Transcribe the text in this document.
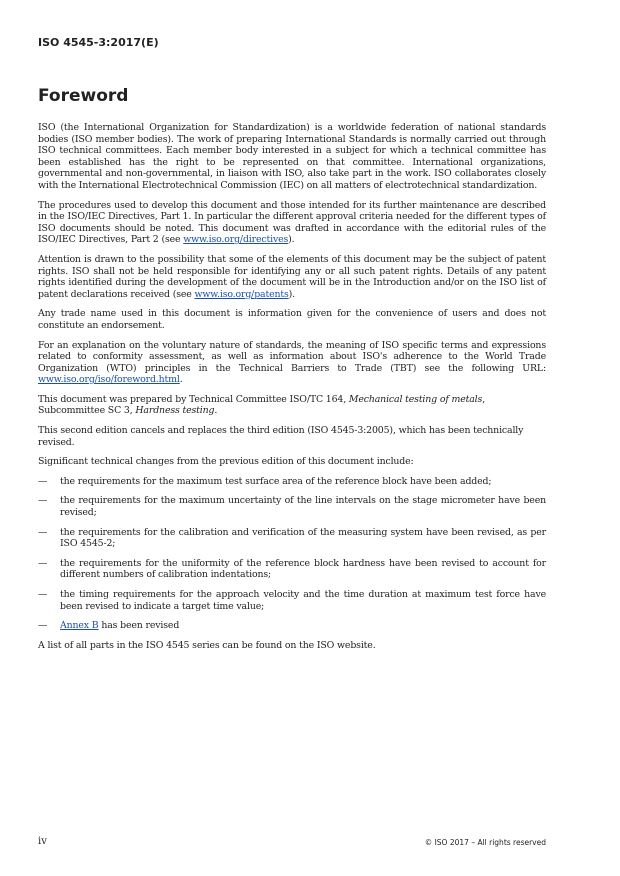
ISO 4545-3:2017(E)
Foreword

ISO (the International Organization for Standardization) is a worldwide federation of national standards bodies (ISO member bodies). The work of preparing International Standards is normally carried out through ISO technical committees. Each member body interested in a subject for which a technical committee has been established has the right to be represented on that committee. International organizations, governmental and non-governmental, in liaison with ISO, also take part in the work. ISO collaborates closely with the International Electrotechnical Commission (IEC) on all matters of electrotechnical standardization.

The procedures used to develop this document and those intended for its further maintenance are described in the ISO/IEC Directives, Part 1. In particular the different approval criteria needed for the different types of ISO documents should be noted. This document was drafted in accordance with the editorial rules of the ISO/IEC Directives, Part 2 (see www.iso.org/directives).

Attention is drawn to the possibility that some of the elements of this document may be the subject of patent rights. ISO shall not be held responsible for identifying any or all such patent rights. Details of any patent rights identified during the development of the document will be in the Introduction and/or on the ISO list of patent declarations received (see www.iso.org/patents).

Any trade name used in this document is information given for the convenience of users and does not constitute an endorsement.

For an explanation on the voluntary nature of standards, the meaning of ISO specific terms and expressions related to conformity assessment, as well as information about ISO's adherence to the World Trade Organization (WTO) principles in the Technical Barriers to Trade (TBT) see the following URL: www.iso.org/iso/foreword.html.

This document was prepared by Technical Committee ISO/TC 164, Mechanical testing of metals, Subcommittee SC 3, Hardness testing.

This second edition cancels and replaces the third edition (ISO 4545-3:2005), which has been technically revised.

Significant technical changes from the previous edition of this document include:

—	the requirements for the maximum test surface area of the reference block have been added;
—	the requirements for the maximum uncertainty of the line intervals on the stage micrometer have been revised;
—	the requirements for the calibration and verification of the measuring system have been revised, as per ISO 4545-2;
—	the requirements for the uniformity of the reference block hardness have been revised to account for different numbers of calibration indentations;
—	the timing requirements for the approach velocity and the time duration at maximum test force have been revised to indicate a target time value;
—	Annex B has been revised

A list of all parts in the ISO 4545 series can be found on the ISO website.

iv	© ISO 2017 – All rights reserved
